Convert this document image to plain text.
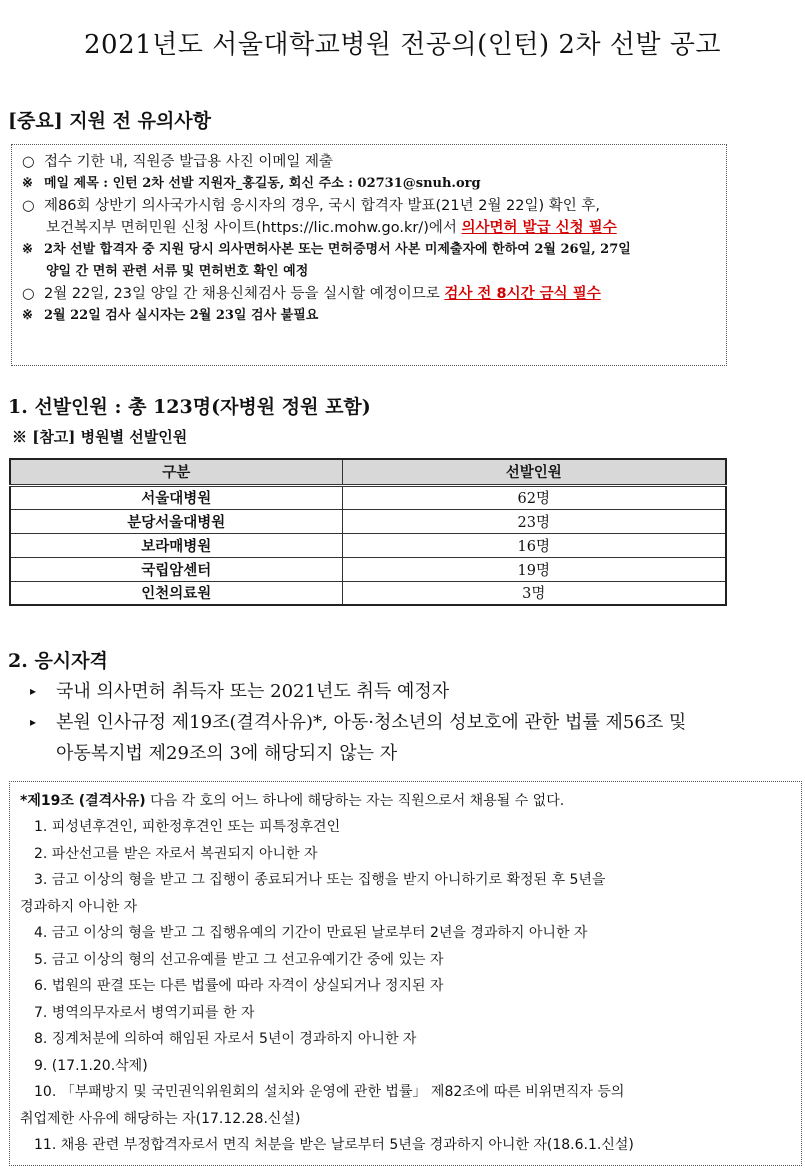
2021년도 서울대학교병원 전공의(인턴) 2차 선발 공고
[중요] 지원 전 유의사항
○ 접수 기한 내, 직원증 발급용 사진 이메일 제출
※ 메일 제목 : 인턴 2차 선발 지원자_홍길동, 회신 주소 : 02731@snuh.org
○ 제86회 상반기 의사국가시험 응시자의 경우, 국시 합격자 발표(21년 2월 22일) 확인 후,
보건복지부 면허민원 신청 사이트(https://lic.mohw.go.kr/)에서 의사면허 발급 신청 필수
※ 2차 선발 합격자 중 지원 당시 의사면허사본 또는 면허증명서 사본 미제출자에 한하여 2월 26일, 27일
양일 간 면허 관련 서류 및 면허번호 확인 예정
○ 2월 22일, 23일 양일 간 채용신체검사 등을 실시할 예정이므로 검사 전 8시간 금식 필수
※ 2월 22일 검사 실시자는 2월 23일 검사 불필요
1. 선발인원 : 총 123명(자병원 정원 포함)
※ [참고] 병원별 선발인원
구분	선발인원
서울대병원	62명
분당서울대병원	23명
보라매병원	16명
국립암센터	19명
인천의료원	3명
2. 응시자격
▸ 국내 의사면허 취득자 또는 2021년도 취득 예정자
▸ 본원 인사규정 제19조(결격사유)*, 아동·청소년의 성보호에 관한 법률 제56조 및
아동복지법 제29조의 3에 해당되지 않는 자
*제19조 (결격사유) 다음 각 호의 어느 하나에 해당하는 자는 직원으로서 채용될 수 없다.
1. 피성년후견인, 피한정후견인 또는 피특정후견인
2. 파산선고를 받은 자로서 복권되지 아니한 자
3. 금고 이상의 형을 받고 그 집행이 종료되거나 또는 집행을 받지 아니하기로 확정된 후 5년을
경과하지 아니한 자
4. 금고 이상의 형을 받고 그 집행유예의 기간이 만료된 날로부터 2년을 경과하지 아니한 자
5. 금고 이상의 형의 선고유예를 받고 그 선고유예기간 중에 있는 자
6. 법원의 판결 또는 다른 법률에 따라 자격이 상실되거나 정지된 자
7. 병역의무자로서 병역기피를 한 자
8. 징계처분에 의하여 해임된 자로서 5년이 경과하지 아니한 자
9. (17.1.20.삭제)
10. 「부패방지 및 국민권익위원회의 설치와 운영에 관한 법률」 제82조에 따른 비위면직자 등의
취업제한 사유에 해당하는 자(17.12.28.신설)
11. 채용 관련 부정합격자로서 면직 처분을 받은 날로부터 5년을 경과하지 아니한 자(18.6.1.신설)
